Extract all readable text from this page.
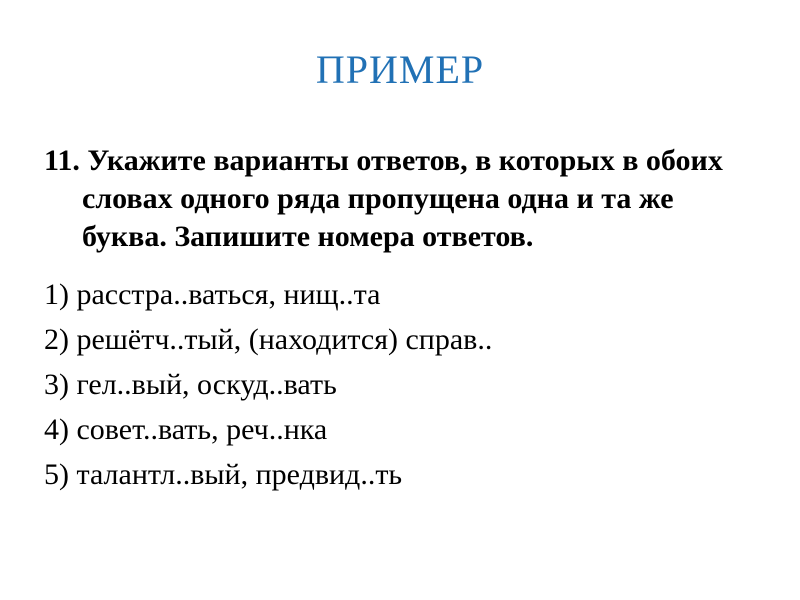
ПРИМЕР
11. Укажите варианты ответов, в которых в обоих словах одного ряда пропущена одна и та же буква. Запишите номера ответов.
1) расстра..ваться, нищ..та
2) решётч..тый, (находится) справ..
3) гел..вый, оскуд..вать
4) совет..вать, реч..нка
5) талантл..вый, предвид..ть
